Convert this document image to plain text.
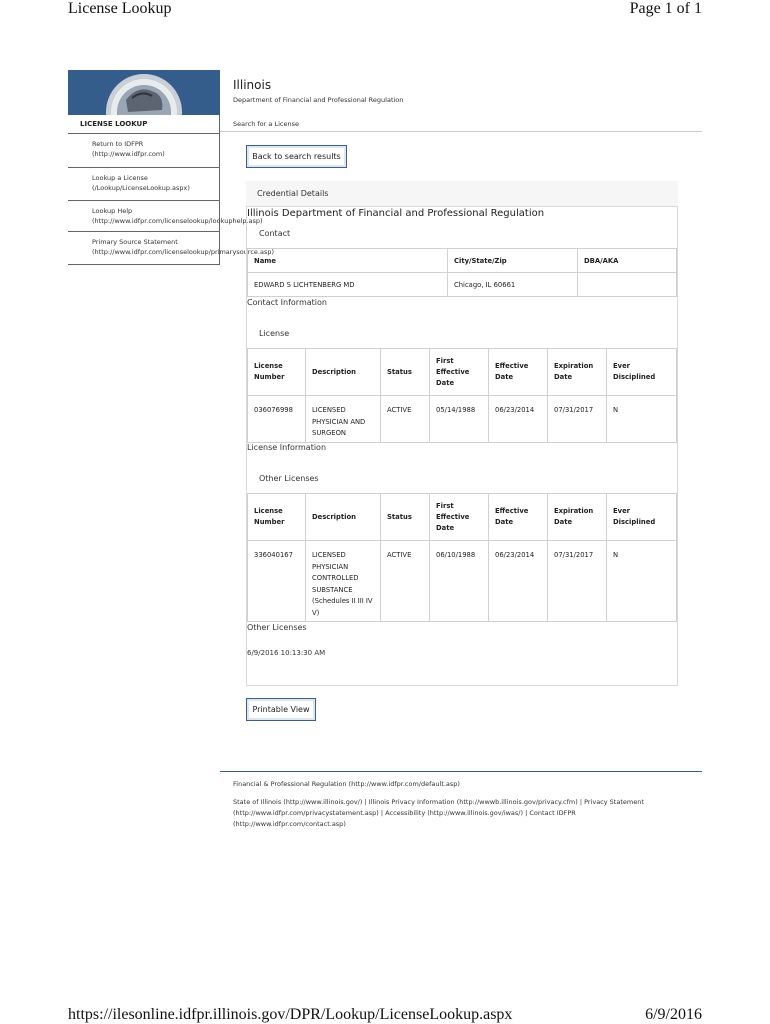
License Lookup	Page 1 of 1
https://ilesonline.idfpr.illinois.gov/DPR/Lookup/LicenseLookup.aspx	6/9/2016
LICENSE LOOKUP
Return to IDFPR
(http://www.idfpr.com)
Lookup a License
(/Lookup/LicenseLookup.aspx)
Lookup Help
(http://www.idfpr.com/licenselookup/lookuphelp.asp)
Primary Source Statement
(http://www.idfpr.com/licenselookup/primarysource.asp)
Illinois
Department of Financial and Professional Regulation
Search for a License
Back to search results
Credential Details
Illinois Department of Financial and Professional Regulation
Contact
Name	City/State/Zip	DBA/AKA
EDWARD S LICHTENBERG MD	Chicago, IL 60661	
Contact Information
License
License Number	Description	Status	First Effective Date	Effective Date	Expiration Date	Ever Disciplined
036076998	LICENSED PHYSICIAN AND SURGEON	ACTIVE	05/14/1988	06/23/2014	07/31/2017	N
License Information
Other Licenses
License Number	Description	Status	First Effective Date	Effective Date	Expiration Date	Ever Disciplined
336040167	LICENSED PHYSICIAN CONTROLLED SUBSTANCE (Schedules II III IV V)	ACTIVE	06/10/1988	06/23/2014	07/31/2017	N
Other Licenses
6/9/2016 10:13:30 AM
Printable View
Financial & Professional Regulation (http://www.idfpr.com/default.asp)
State of Illinois (http://www.illinois.gov/) | Illinois Privacy Information (http://wwwb.illinois.gov/privacy.cfm) | Privacy Statement (http://www.idfpr.com/privacystatement.asp) | Accessibility (http://www.illinois.gov/iwas/) | Contact IDFPR (http://www.idfpr.com/contact.asp)
